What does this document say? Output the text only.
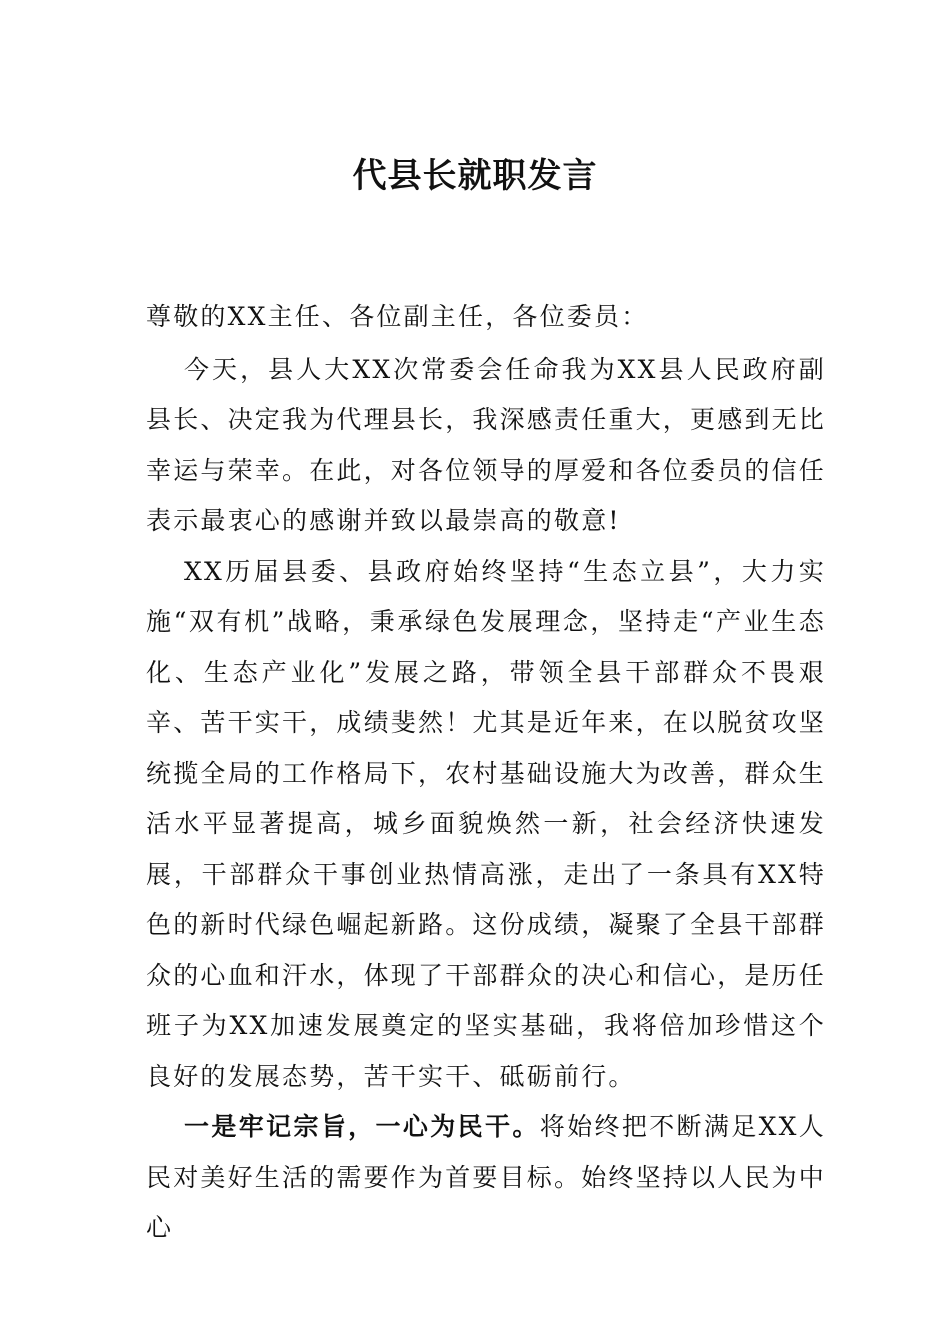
代县长就职发言

尊敬的XX主任、各位副主任，各位委员：

今天，县人大XX次常委会任命我为XX县人民政府副县长、决定我为代理县长，我深感责任重大，更感到无比幸运与荣幸。在此，对各位领导的厚爱和各位委员的信任表示最衷心的感谢并致以最崇高的敬意!

XX历届县委、县政府始终坚持“生态立县”，大力实施“双有机”战略，秉承绿色发展理念，坚持走“产业生态化、生态产业化”发展之路，带领全县干部群众不畏艰辛、苦干实干，成绩斐然！尤其是近年来，在以脱贫攻坚统揽全局的工作格局下，农村基础设施大为改善，群众生活水平显著提高，城乡面貌焕然一新，社会经济快速发展，干部群众干事创业热情高涨，走出了一条具有XX特色的新时代绿色崛起新路。这份成绩，凝聚了全县干部群众的心血和汗水，体现了干部群众的决心和信心，是历任班子为XX加速发展奠定的坚实基础，我将倍加珍惜这个良好的发展态势，苦干实干、砥砺前行。

一是牢记宗旨，一心为民干。将始终把不断满足XX人民对美好生活的需要作为首要目标。始终坚持以人民为中心
